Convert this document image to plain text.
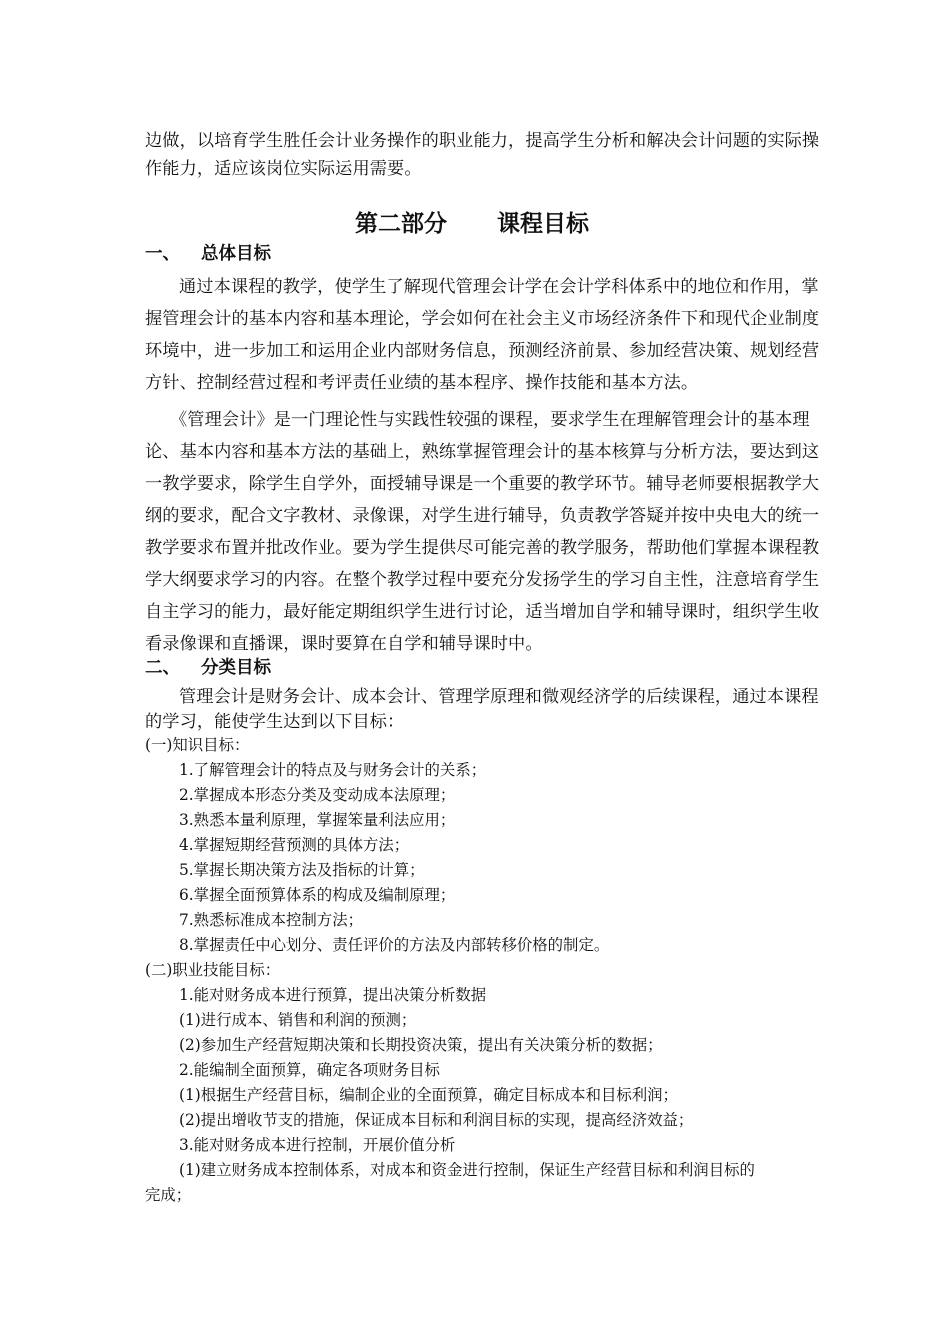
边做，以培育学生胜任会计业务操作的职业能力，提高学生分析和解决会计问题的实际操
作能力，适应该岗位实际运用需要。
第二部分 课程目标
一、 总体目标
通过本课程的教学，使学生了解现代管理会计学在会计学科体系中的地位和作用，掌
握管理会计的基本内容和基本理论，学会如何在社会主义市场经济条件下和现代企业制度
环境中，进一步加工和运用企业内部财务信息，预测经济前景、参加经营决策、规划经营
方针、控制经营过程和考评责任业绩的基本程序、操作技能和基本方法。
《管理会计》是一门理论性与实践性较强的课程，要求学生在理解管理会计的基本理
论、基本内容和基本方法的基础上，熟练掌握管理会计的基本核算与分析方法，要达到这
一教学要求，除学生自学外，面授辅导课是一个重要的教学环节。辅导老师要根据教学大
纲的要求，配合文字教材、录像课，对学生进行辅导，负责教学答疑并按中央电大的统一
教学要求布置并批改作业。要为学生提供尽可能完善的教学服务，帮助他们掌握本课程教
学大纲要求学习的内容。在整个教学过程中要充分发扬学生的学习自主性，注意培育学生
自主学习的能力，最好能定期组织学生进行讨论，适当增加自学和辅导课时，组织学生收
看录像课和直播课，课时要算在自学和辅导课时中。
二、 分类目标
管理会计是财务会计、成本会计、管理学原理和微观经济学的后续课程，通过本课程
的学习，能使学生达到以下目标：
(一)知识目标：
1.了解管理会计的特点及与财务会计的关系；
2.掌握成本形态分类及变动成本法原理；
3.熟悉本量利原理，掌握笨量利法应用；
4.掌握短期经营预测的具体方法；
5.掌握长期决策方法及指标的计算；
6.掌握全面预算体系的构成及编制原理；
7.熟悉标准成本控制方法；
8.掌握责任中心划分、责任评价的方法及内部转移价格的制定。
(二)职业技能目标：
1.能对财务成本进行预算，提出决策分析数据
(1)进行成本、销售和利润的预测；
(2)参加生产经营短期决策和长期投资决策，提出有关决策分析的数据；
2.能编制全面预算，确定各项财务目标
(1)根据生产经营目标，编制企业的全面预算，确定目标成本和目标利润；
(2)提出增收节支的措施，保证成本目标和利润目标的实现，提高经济效益；
3.能对财务成本进行控制，开展价值分析
(1)建立财务成本控制体系，对成本和资金进行控制，保证生产经营目标和利润目标的
完成；
